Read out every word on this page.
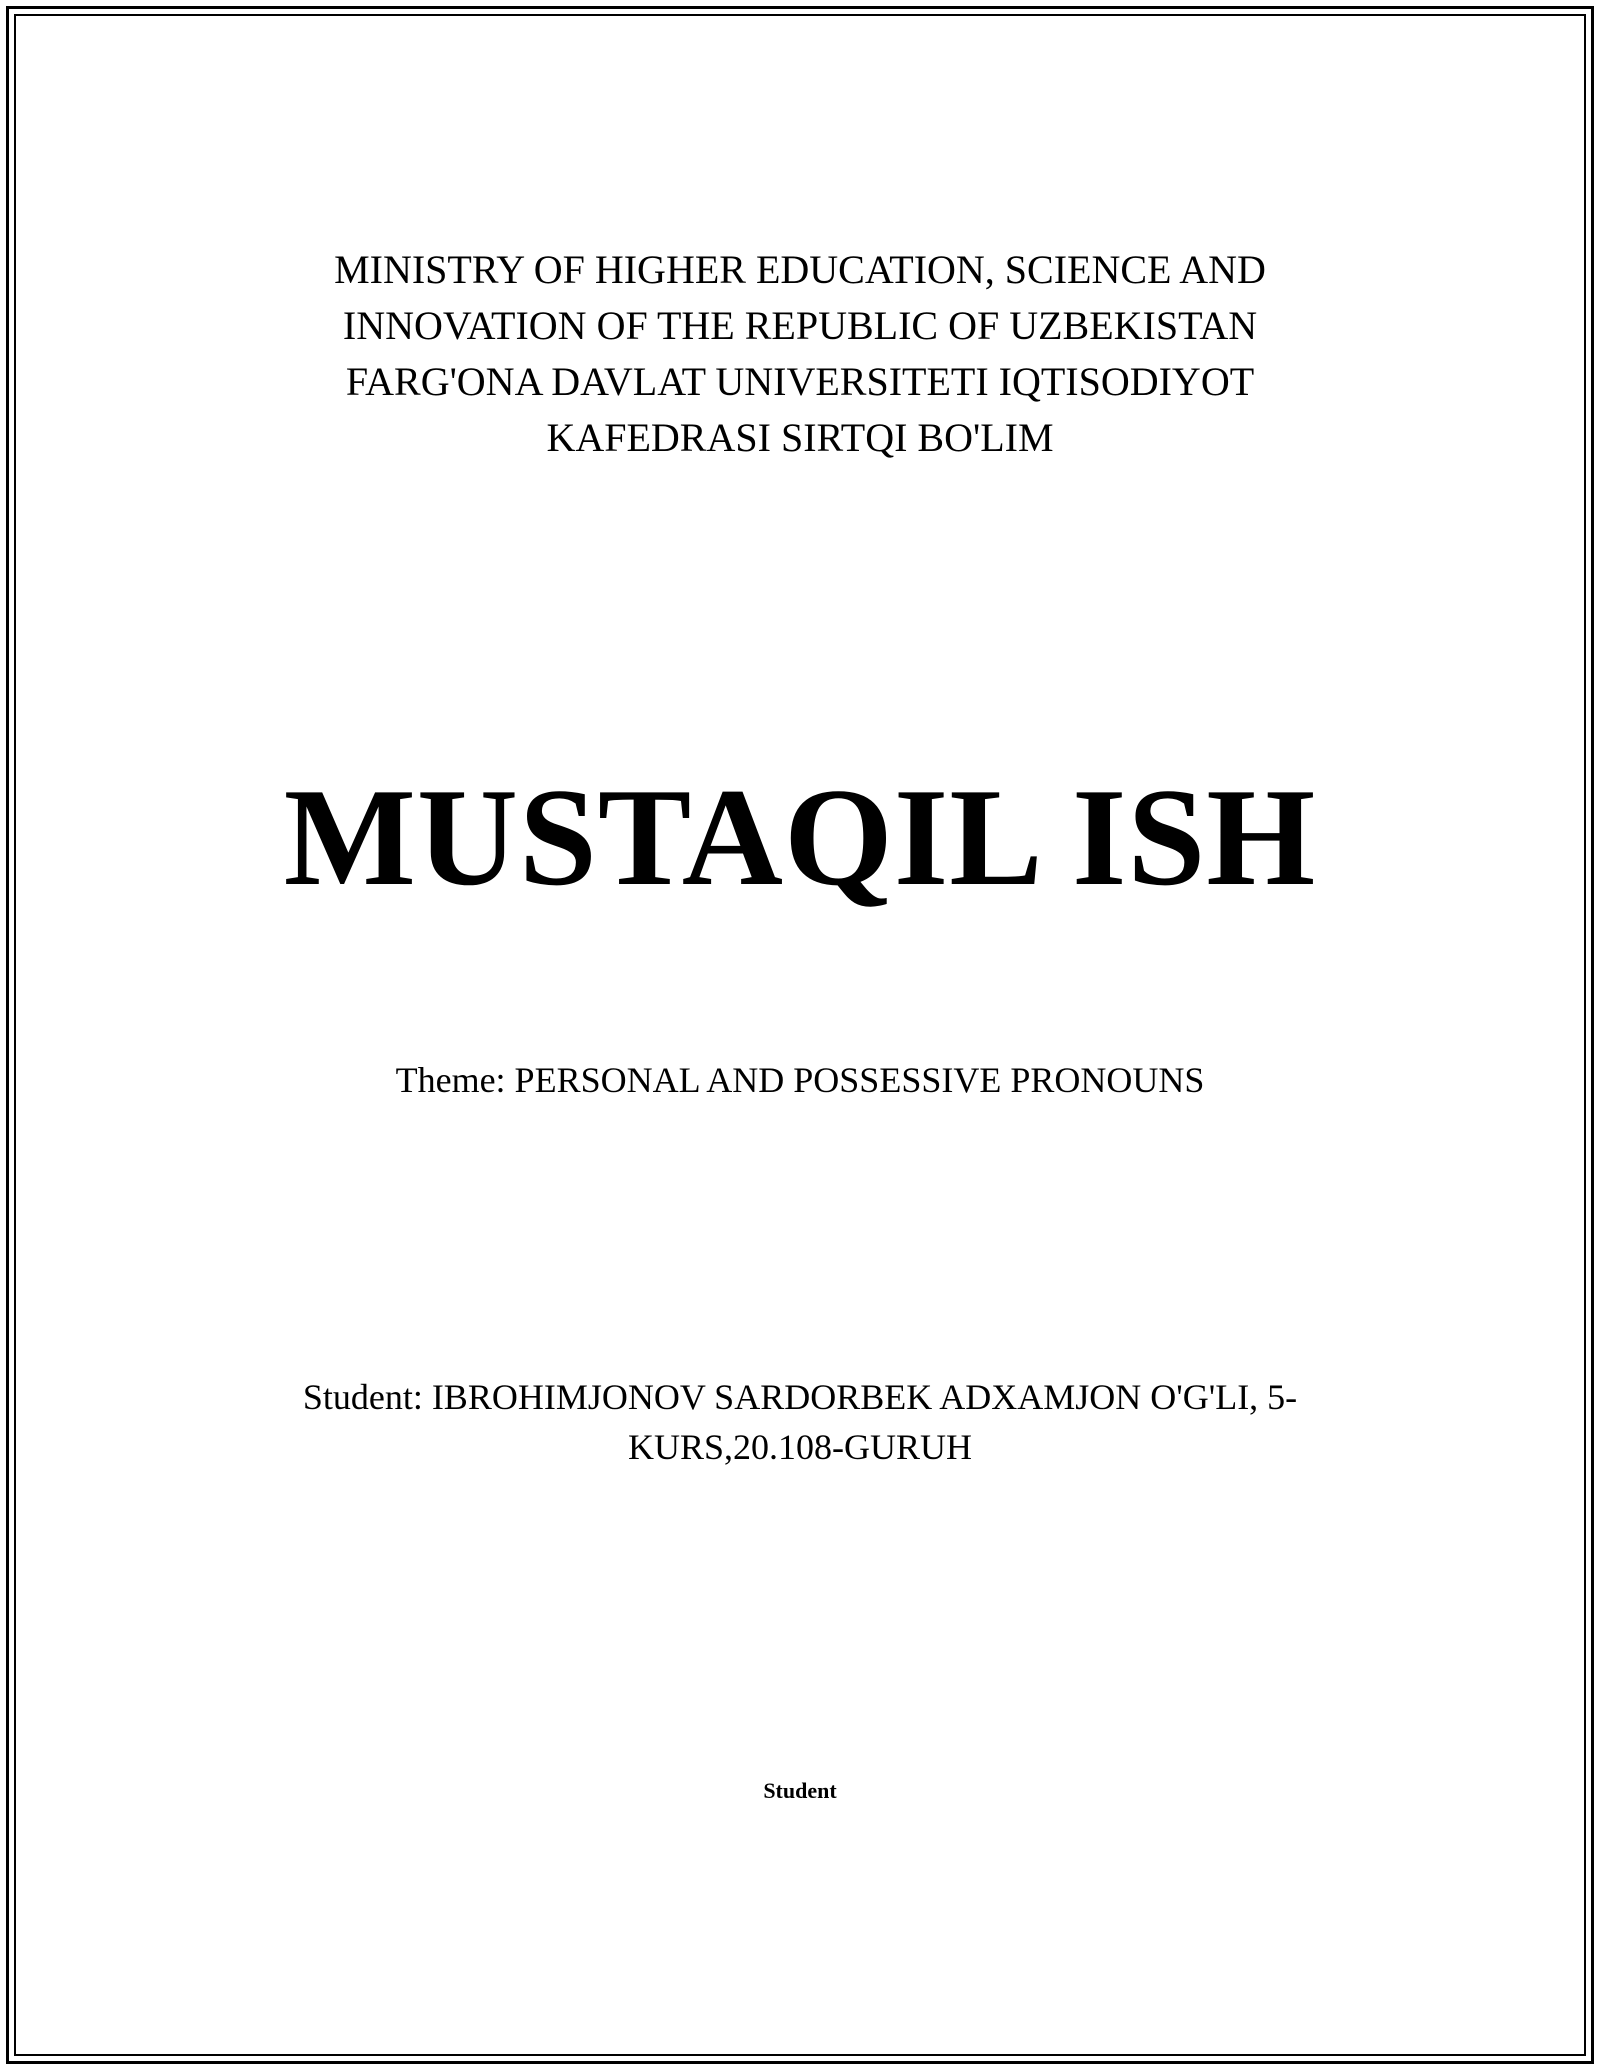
MINISTRY OF HIGHER EDUCATION, SCIENCE AND
INNOVATION OF THE REPUBLIC OF UZBEKISTAN
FARG'ONA DAVLAT UNIVERSITETI IQTISODIYOT
KAFEDRASI SIRTQI BO'LIM
MUSTAQIL ISH
Theme: PERSONAL AND POSSESSIVE PRONOUNS
Student: IBROHIMJONOV SARDORBEK ADXAMJON O'G'LI, 5-
KURS,20.108-GURUH
Student
